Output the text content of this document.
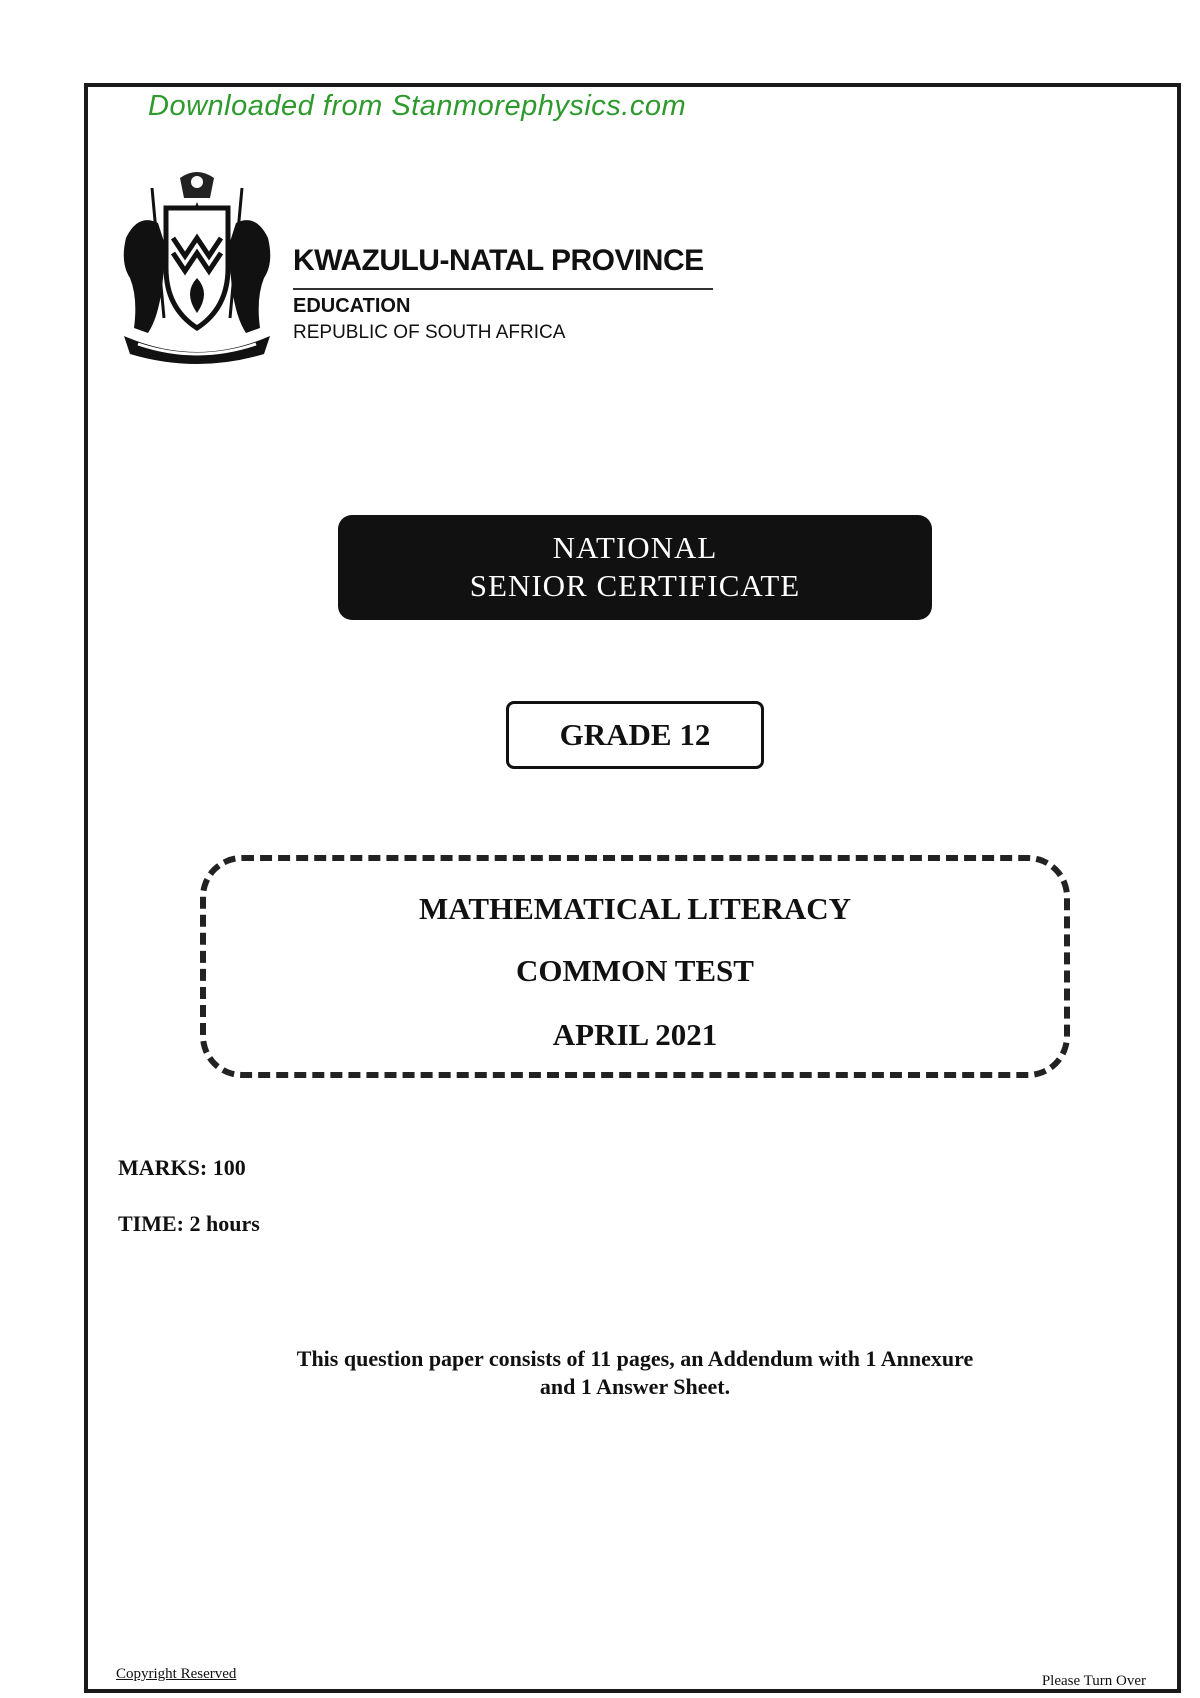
Downloaded from Stanmorephysics.com
KWAZULU-NATAL PROVINCE
EDUCATION
REPUBLIC OF SOUTH AFRICA
NATIONAL
SENIOR CERTIFICATE
GRADE 12
MATHEMATICAL LITERACY
COMMON TEST
APRIL 2021
MARKS: 100
TIME: 2 hours
This question paper consists of 11 pages, an Addendum with 1 Annexure
and 1 Answer Sheet.
Copyright Reserved	Please Turn Over
